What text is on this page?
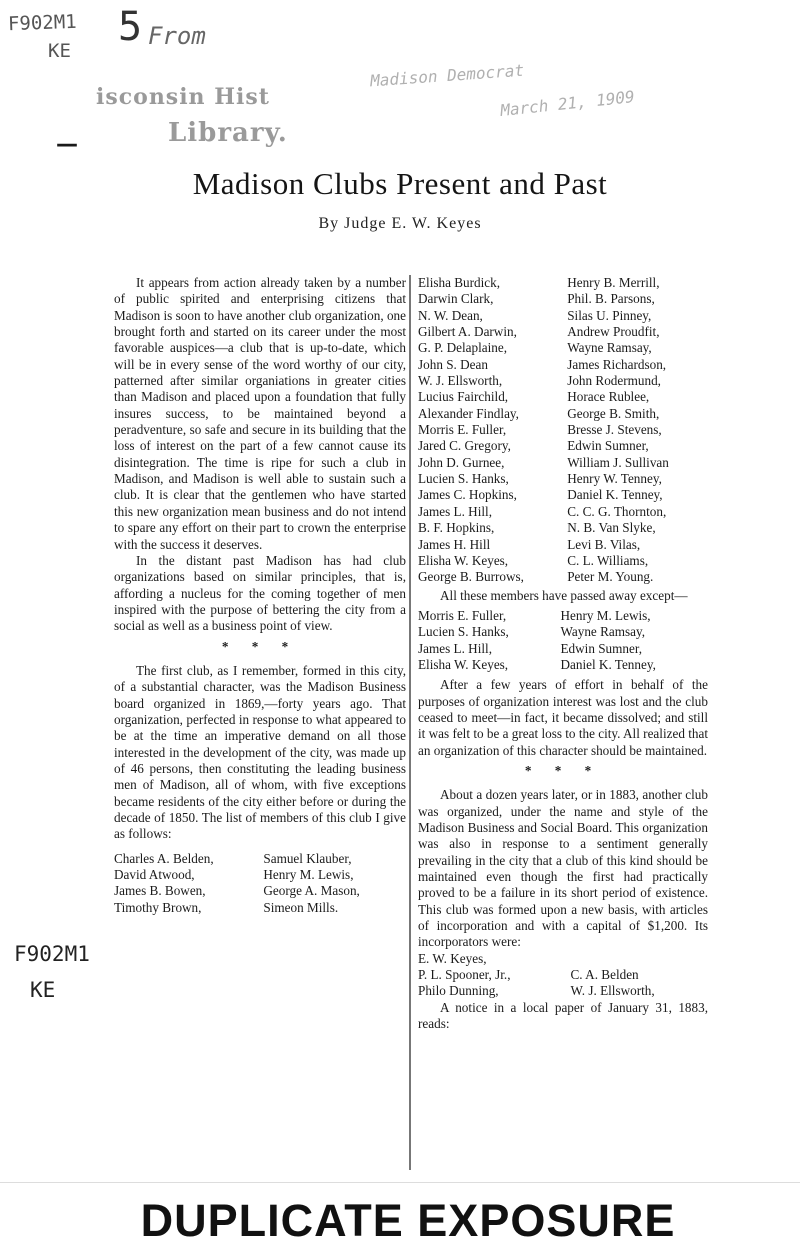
F902M1
KE
5 From
isconsin Hist
Library.
Madison Democrat
March 21, 1909
—
F902M1
KE
Madison Clubs Present and Past
By Judge E. W. Keyes

It appears from action already taken by a number of public spirited and enterprising citizens that Madison is soon to have another club organization, one brought forth and started on its career under the most favorable auspices—a club that is up-to-date, which will be in every sense of the word worthy of our city, patterned after similar organiations in greater cities than Madison and placed upon a foundation that fully insures success, to be maintained beyond a peradventure, so safe and secure in its building that the loss of interest on the part of a few cannot cause its disintegration. The time is ripe for such a club in Madison, and Madison is well able to sustain such a club. It is clear that the gentlemen who have started this new organization mean business and do not intend to spare any effort on their part to crown the enterprise with the success it deserves.

In the distant past Madison has had club organizations based on similar principles, that is, affording a nucleus for the coming together of men inspired with the purpose of bettering the city from a social as well as a business point of view.

* * *

The first club, as I remember, formed in this city, of a substantial character, was the Madison Business board organized in 1869,—forty years ago. That organization, perfected in response to what appeared to be at the time an imperative demand on all those interested in the development of the city, was made up of 46 persons, then constituting the leading business men of Madison, all of whom, with five exceptions became residents of the city either before or during the decade of 1850. The list of members of this club I give as follows:

Charles A. Belden,	Samuel Klauber,
David Atwood,	Henry M. Lewis,
James B. Bowen,	George A. Mason,
Timothy Brown,	Simeon Mills.
Elisha Burdick,	Henry B. Merrill,
Darwin Clark,	Phil. B. Parsons,
N. W. Dean,	Silas U. Pinney,
Gilbert A. Darwin,	Andrew Proudfit,
G. P. Delaplaine,	Wayne Ramsay,
John S. Dean	James Richardson,
W. J. Ellsworth,	John Rodermund,
Lucius Fairchild,	Horace Rublee,
Alexander Findlay,	George B. Smith,
Morris E. Fuller,	Bresse J. Stevens,
Jared C. Gregory,	Edwin Sumner,
John D. Gurnee,	William J. Sullivan
Lucien S. Hanks,	Henry W. Tenney,
James C. Hopkins,	Daniel K. Tenney,
James L. Hill,	C. C. G. Thornton,
B. F. Hopkins,	N. B. Van Slyke,
James H. Hill	Levi B. Vilas,
Elisha W. Keyes,	C. L. Williams,
George B. Burrows,	Peter M. Young.

All these members have passed away except—

Morris E. Fuller,	Henry M. Lewis,
Lucien S. Hanks,	Wayne Ramsay,
James L. Hill,	Edwin Sumner,
Elisha W. Keyes,	Daniel K. Tenney,

After a few years of effort in behalf of the purposes of organization interest was lost and the club ceased to meet—in fact, it became dissolved; and still it was felt to be a great loss to the city. All realized that an organization of this character should be maintained.

* * *

About a dozen years later, or in 1883, another club was organized, under the name and style of the Madison Business and Social Board. This organization was also in response to a sentiment generally prevailing in the city that a club of this kind should be maintained even though the first had practically proved to be a failure in its short period of existence. This club was formed upon a new basis, with articles of incorporation and with a capital of $1,200. Its incorporators were:

E. W. Keyes,

P. L. Spooner, Jr.,	C. A. Belden
Philo Dunning,	W. J. Ellsworth,

A notice in a local paper of January 31, 1883, reads:

DUPLICATE EXPOSURE
